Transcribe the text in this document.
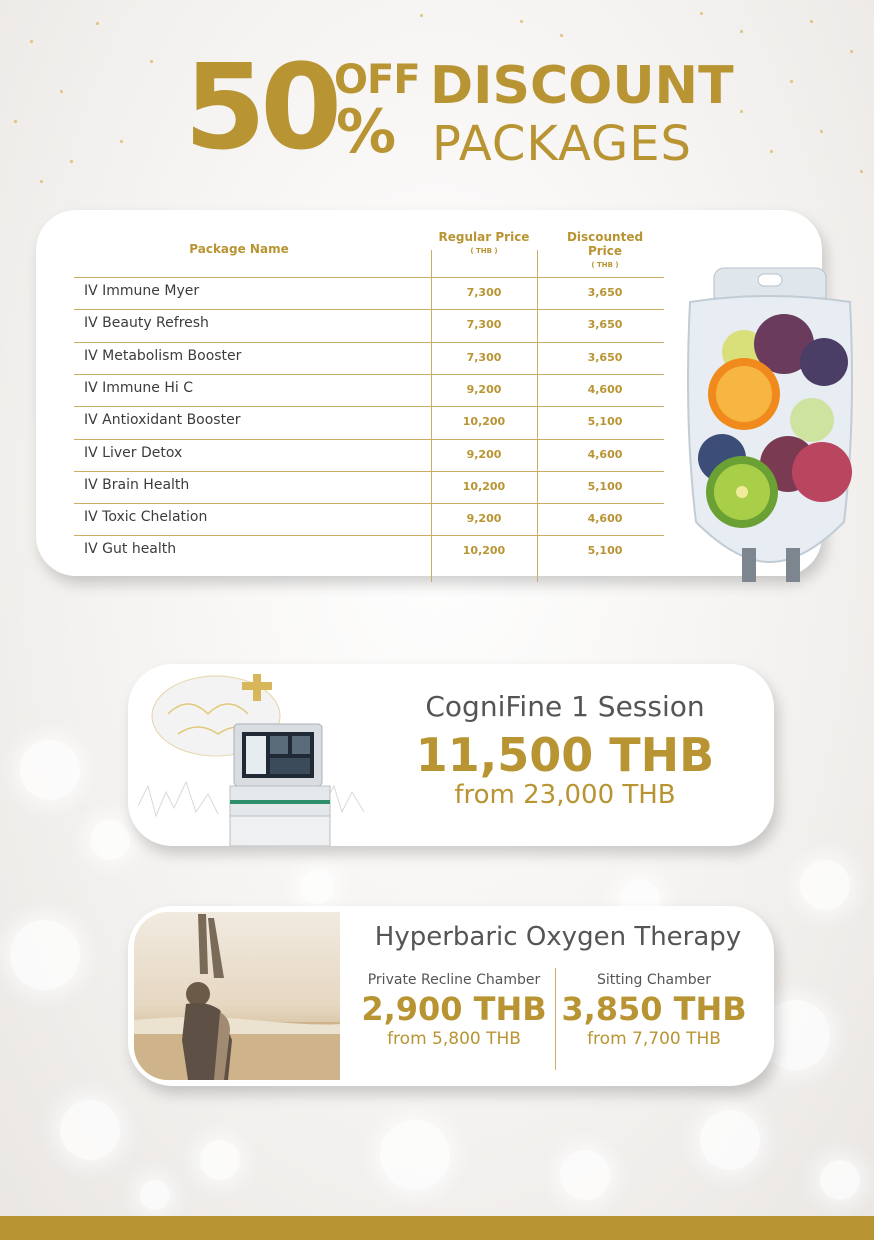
50
OFF
%
DISCOUNT
PACKAGES
Package Name
Regular Price
( THB )
Discounted Price
( THB )
IV Immune Myer	7,300	3,650
IV Beauty Refresh	7,300	3,650
IV Metabolism Booster	7,300	3,650
IV Immune Hi C	9,200	4,600
IV Antioxidant Booster	10,200	5,100
IV Liver Detox	9,200	4,600
IV Brain Health	10,200	5,100
IV Toxic Chelation	9,200	4,600
IV Gut health	10,200	5,100
CogniFine 1 Session
11,500 THB
from 23,000 THB
Hyperbaric Oxygen Therapy
Private Recline Chamber
2,900 THB
from 5,800 THB
Sitting Chamber
3,850 THB
from 7,700 THB
